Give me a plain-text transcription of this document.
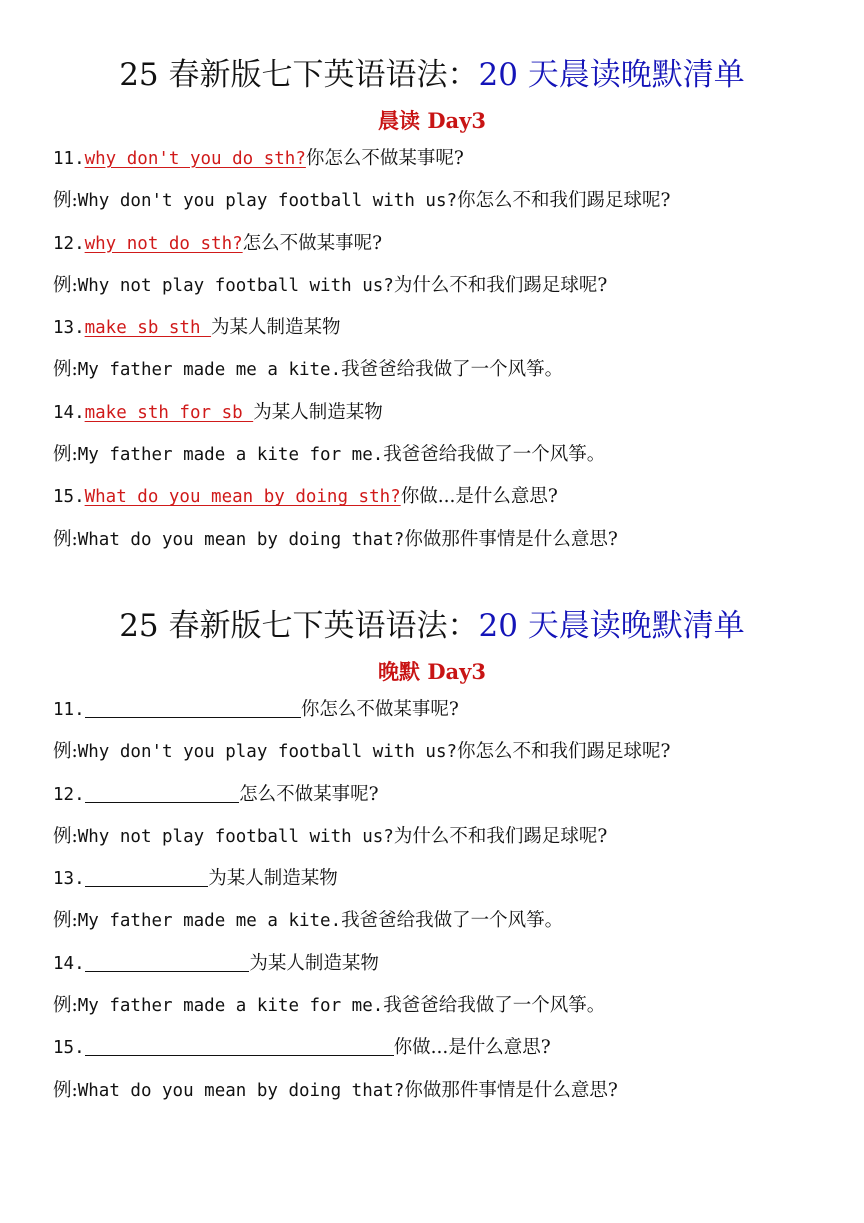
25 春新版七下英语语法：20 天晨读晚默清单
晨读 Day3
11.why don't you do sth?你怎么不做某事呢?
例:Why don't you play football with us?你怎么不和我们踢足球呢?
12.why not do sth?怎么不做某事呢?
例:Why not play football with us?为什么不和我们踢足球呢?
13.make sb sth 为某人制造某物
例:My father made me a kite.我爸爸给我做了一个风筝。
14.make sth for sb 为某人制造某物
例:My father made a kite for me.我爸爸给我做了一个风筝。
15.What do you mean by doing sth?你做...是什么意思?
例:What do you mean by doing that?你做那件事情是什么意思?
25 春新版七下英语语法：20 天晨读晚默清单
晚默 Day3
11.	你怎么不做某事呢?
例:Why don't you play football with us?你怎么不和我们踢足球呢?
12.	怎么不做某事呢?
例:Why not play football with us?为什么不和我们踢足球呢?
13.	为某人制造某物
例:My father made me a kite.我爸爸给我做了一个风筝。
14.	为某人制造某物
例:My father made a kite for me.我爸爸给我做了一个风筝。
15.	你做...是什么意思?
例:What do you mean by doing that?你做那件事情是什么意思?
